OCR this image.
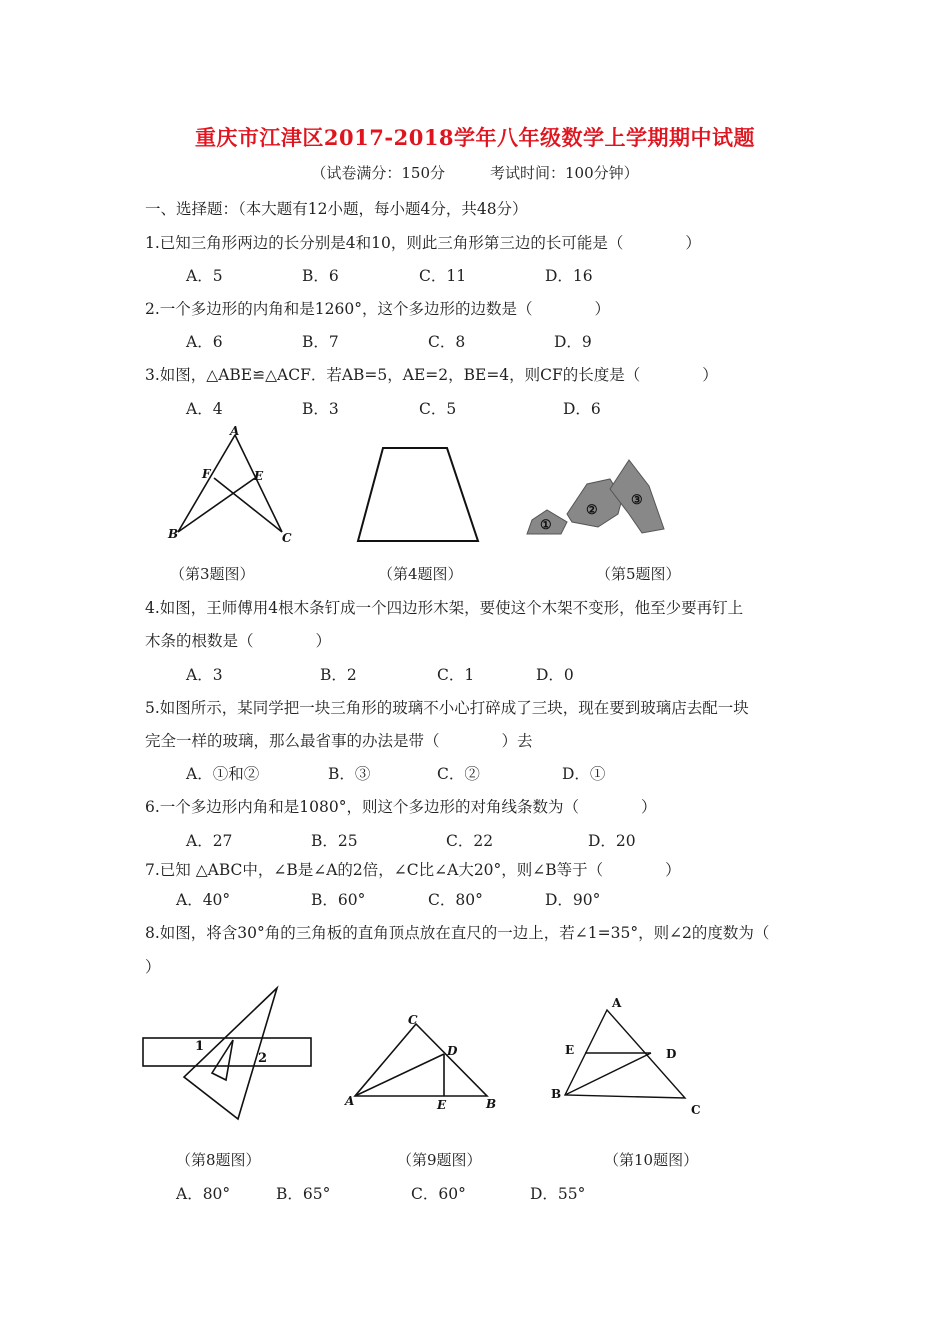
重庆市江津区2017-2018学年八年级数学上学期期中试题
（试卷满分：150分　　　考试时间：100分钟）
一、选择题：（本大题有12小题，每小题4分，共48分）
1.已知三角形两边的长分别是4和10，则此三角形第三边的长可能是（　　　　）
A．5	B．6	C．11	D．16
2.一个多边形的内角和是1260°，这个多边形的边数是（　　　　）
A．6	B．7	C．8	D．9
3.如图，△ABE≌△ACF．若AB=5，AE=2，BE=4，则CF的长度是（　　　　）
A．4	B．3	C．5	D．6
A
F	E
B	C
①
②
③
（第3题图）	（第4题图）	（第5题图）
4.如图，王师傅用4根木条钉成一个四边形木架，要使这个木架不变形，他至少要再钉上
木条的根数是（　　　　）
A．3	B．2	C．1	D．0
5.如图所示，某同学把一块三角形的玻璃不小心打碎成了三块，现在要到玻璃店去配一块
完全一样的玻璃，那么最省事的办法是带（　　　　）去
A．①和②	B．③	C．②	D．①
6.一个多边形内角和是1080°，则这个多边形的对角线条数为（　　　　）
A．27	B．25	C．22	D．20
7.已知 △ABC中，∠B是∠A的2倍，∠C比∠A大20°，则∠B等于（　　　　）
A．40°	B．60°	C．80°	D．90°
8.如图，将含30°角的三角板的直角顶点放在直尺的一边上，若∠1=35°，则∠2的度数为（
）
1
2
C
D
A	E	B
A
E	D
B
C
（第8题图）	（第9题图）	（第10题图）
A．80°	B．65°	C．60°	D．55°
